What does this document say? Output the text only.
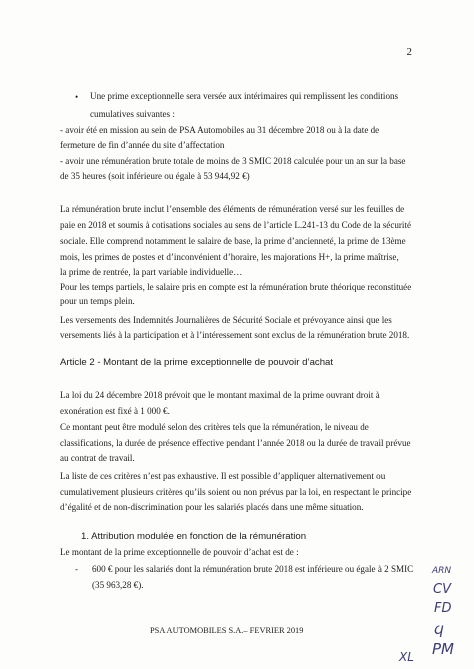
2
• Une prime exceptionnelle sera versée aux intérimaires qui remplissent les conditions
cumulatives suivantes :
- avoir été en mission au sein de PSA Automobiles au 31 décembre 2018 ou à la date de
fermeture de fin d’année du site d’affectation
- avoir une rémunération brute totale de moins de 3 SMIC 2018 calculée pour un an sur la base
de 35 heures (soit inférieure ou égale à 53 944,92 €)
La rémunération brute inclut l’ensemble des éléments de rémunération versé sur les feuilles de
paie en 2018 et soumis à cotisations sociales au sens de l’article L.241-13 du Code de la sécurité
sociale. Elle comprend notamment le salaire de base, la prime d’ancienneté, la prime de 13ème
mois, les primes de postes et d’inconvénient d’horaire, les majorations H+, la prime maîtrise,
la prime de rentrée, la part variable individuelle…
Pour les temps partiels, le salaire pris en compte est la rémunération brute théorique reconstituée
pour un temps plein.
Les versements des Indemnités Journalières de Sécurité Sociale et prévoyance ainsi que les
versements liés à la participation et à l’intéressement sont exclus de la rémunération brute 2018.
Article 2 - Montant de la prime exceptionnelle de pouvoir d’achat
La loi du 24 décembre 2018 prévoit que le montant maximal de la prime ouvrant droit à
exonération est fixé à 1 000 €.
Ce montant peut être modulé selon des critères tels que la rémunération, le niveau de
classifications, la durée de présence effective pendant l’année 2018 ou la durée de travail prévue
au contrat de travail.
La liste de ces critères n’est pas exhaustive. Il est possible d’appliquer alternativement ou
cumulativement plusieurs critères qu’ils soient ou non prévus par la loi, en respectant le principe
d’égalité et de non-discrimination pour les salariés placés dans une même situation.
1. Attribution modulée en fonction de la rémunération
Le montant de la prime exceptionnelle de pouvoir d’achat est de :
- 600 € pour les salariés dont la rémunération brute 2018 est inférieure ou égale à 2 SMIC
(35 963,28 €).
PSA AUTOMOBILES S.A.– FEVRIER 2019
ARN
CV
FD
ϥ
PM
XL
